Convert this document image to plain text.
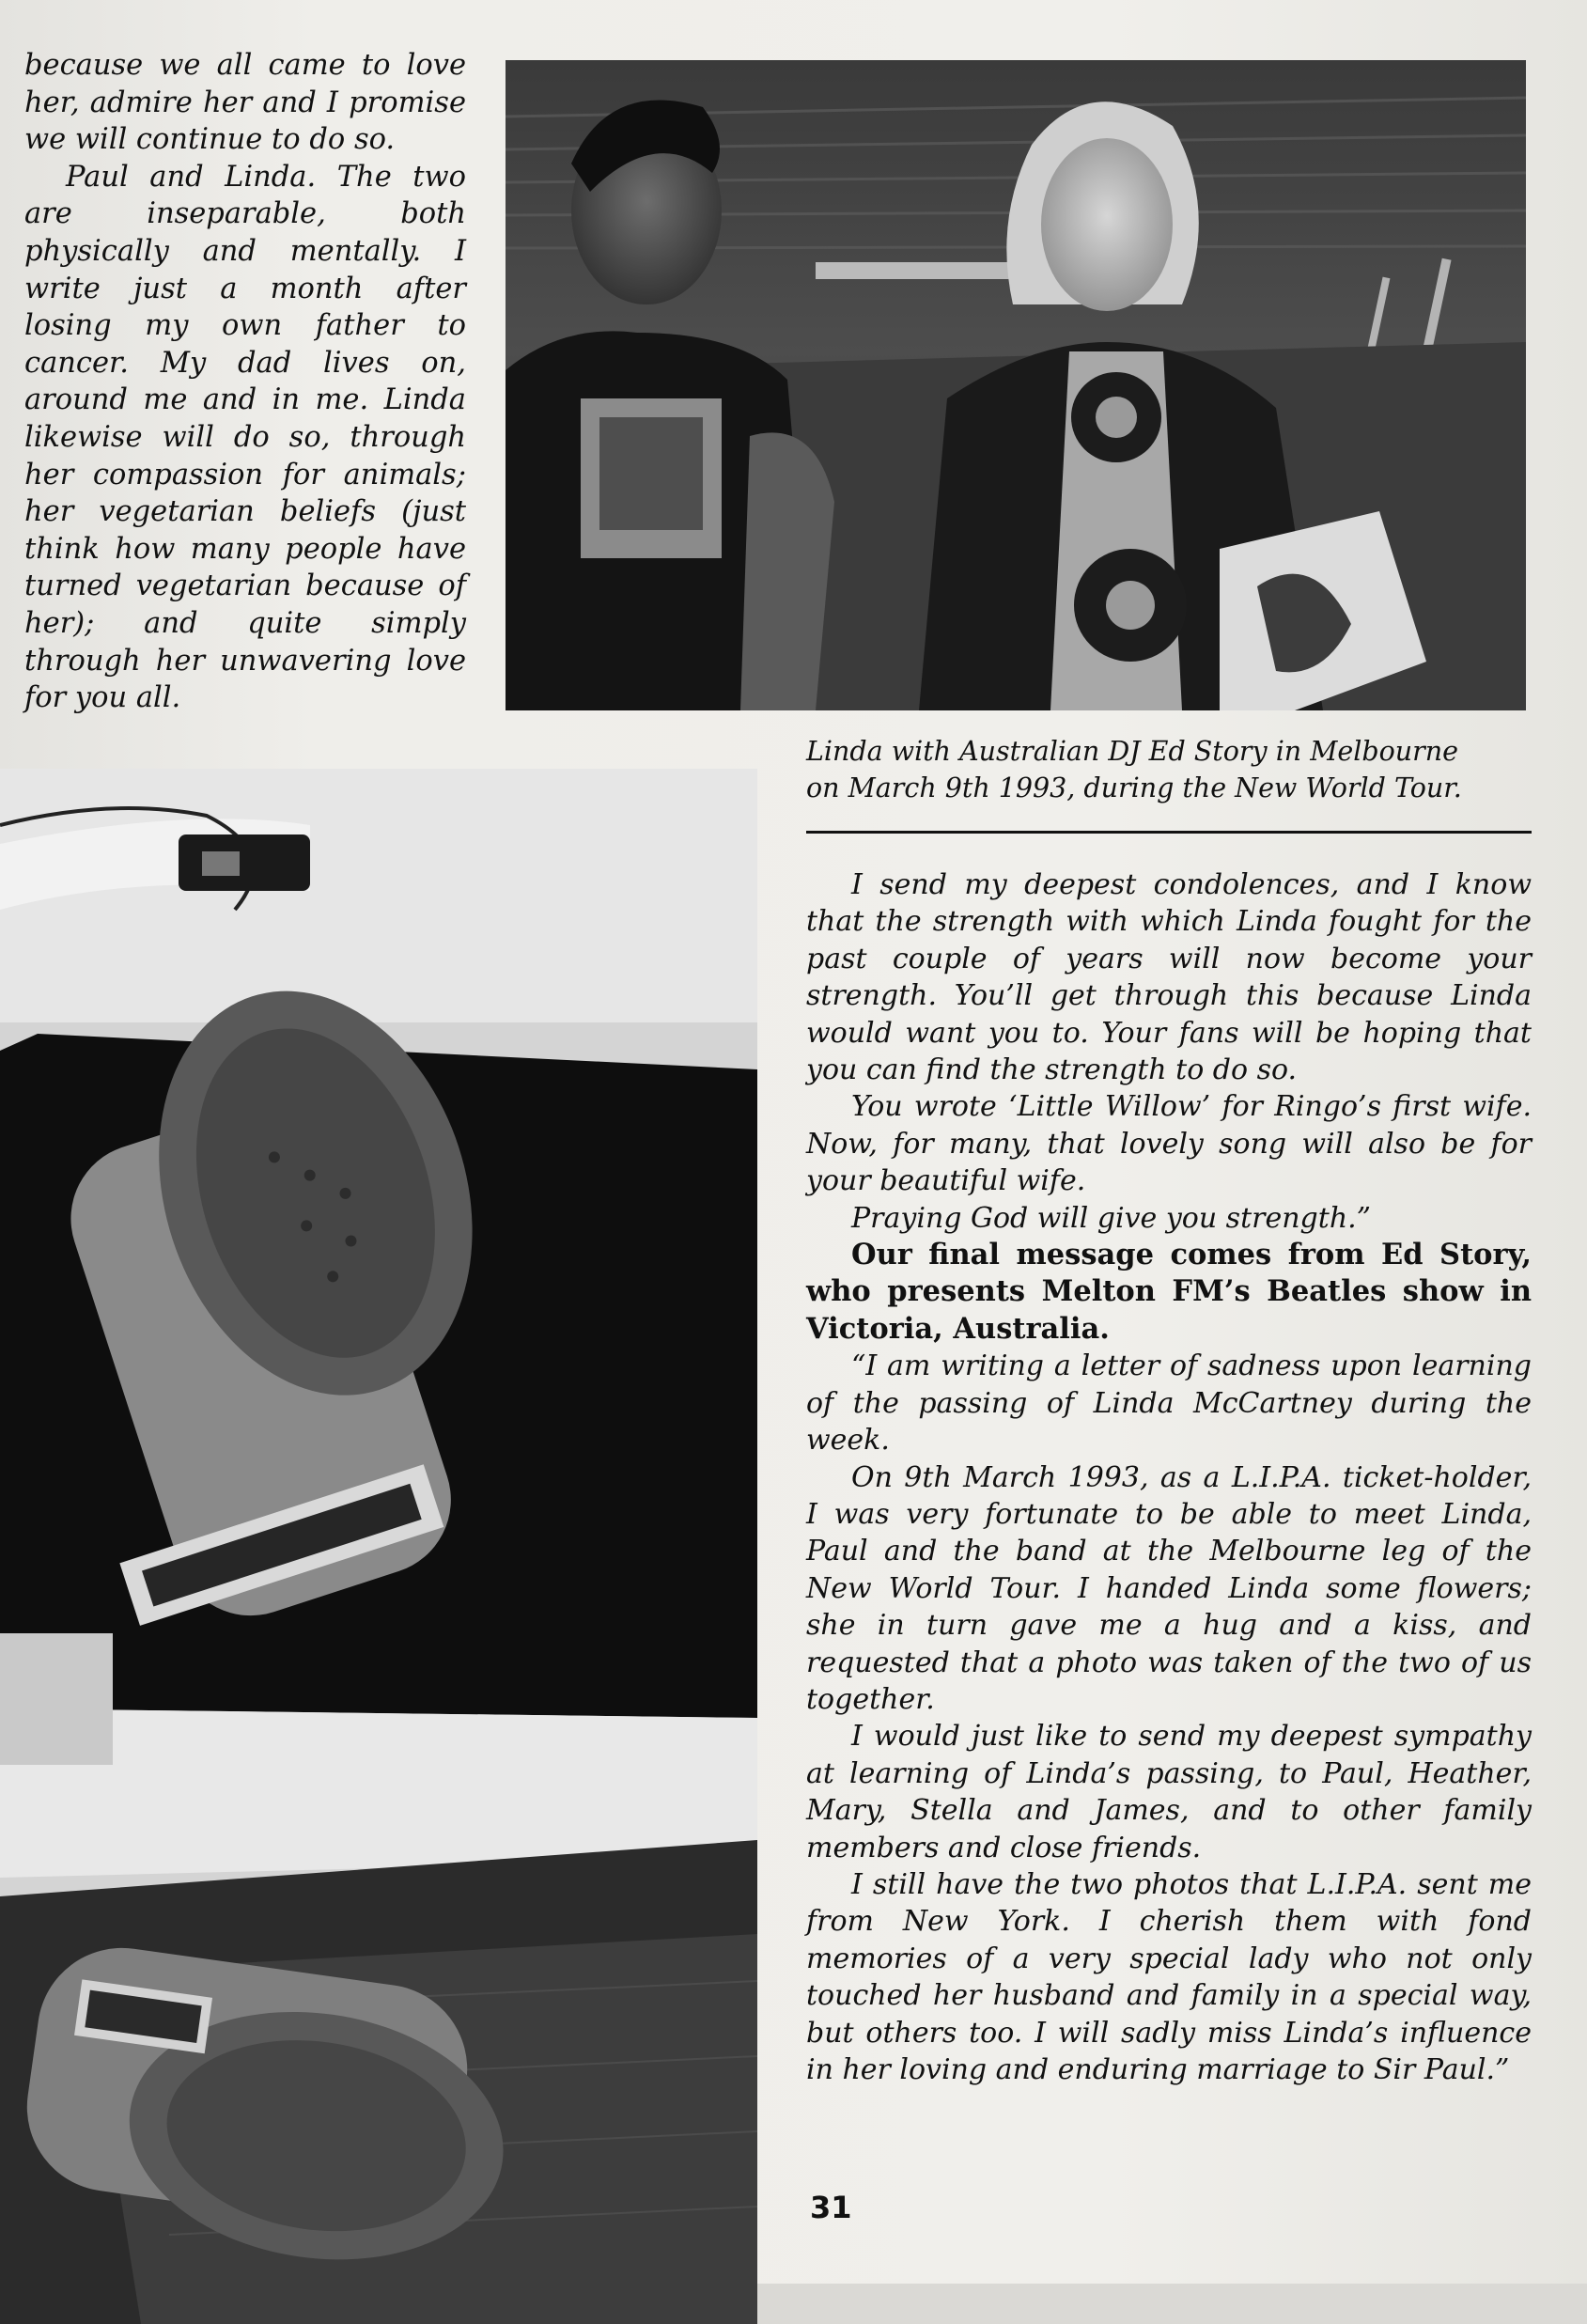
because we all came to love her, admire her and I promise we will continue to do so.

Paul and Linda. The two are inseparable, both physically and mentally. I write just a month after losing my own father to cancer. My dad lives on, around me and in me. Linda likewise will do so, through her compassion for animals; her vegetarian beliefs (just think how many people have turned vegetarian because of her); and quite simply through her unwavering love for you all.

Linda with Australian DJ Ed Story in Melbourne

on March 9th 1993, during the New World Tour.

I send my deepest condolences, and I know that the strength with which Linda fought for the past couple of years will now become your strength. You’ll get through this because Linda would want you to. Your fans will be hoping that you can find the strength to do so.

You wrote ‘Little Willow’ for Ringo’s first wife. Now, for many, that lovely song will also be for your beautiful wife.

Praying God will give you strength.”

Our final message comes from Ed Story, who presents Melton FM’s Beatles show in Victoria, Australia.

“I am writing a letter of sadness upon learning of the passing of Linda McCartney during the week.

On 9th March 1993, as a L.I.P.A. ticket-holder, I was very fortunate to be able to meet Linda, Paul and the band at the Melbourne leg of the New World Tour. I handed Linda some flowers; she in turn gave me a hug and a kiss, and requested that a photo was taken of the two of us together.

I would just like to send my deepest sympathy at learning of Linda’s passing, to Paul, Heather, Mary, Stella and James, and to other family members and close friends.

I still have the two photos that L.I.P.A. sent me from New York. I cherish them with fond memories of a very special lady who not only touched her husband and family in a special way, but others too. I will sadly miss Linda’s influence in her loving and enduring marriage to Sir Paul.”

31
